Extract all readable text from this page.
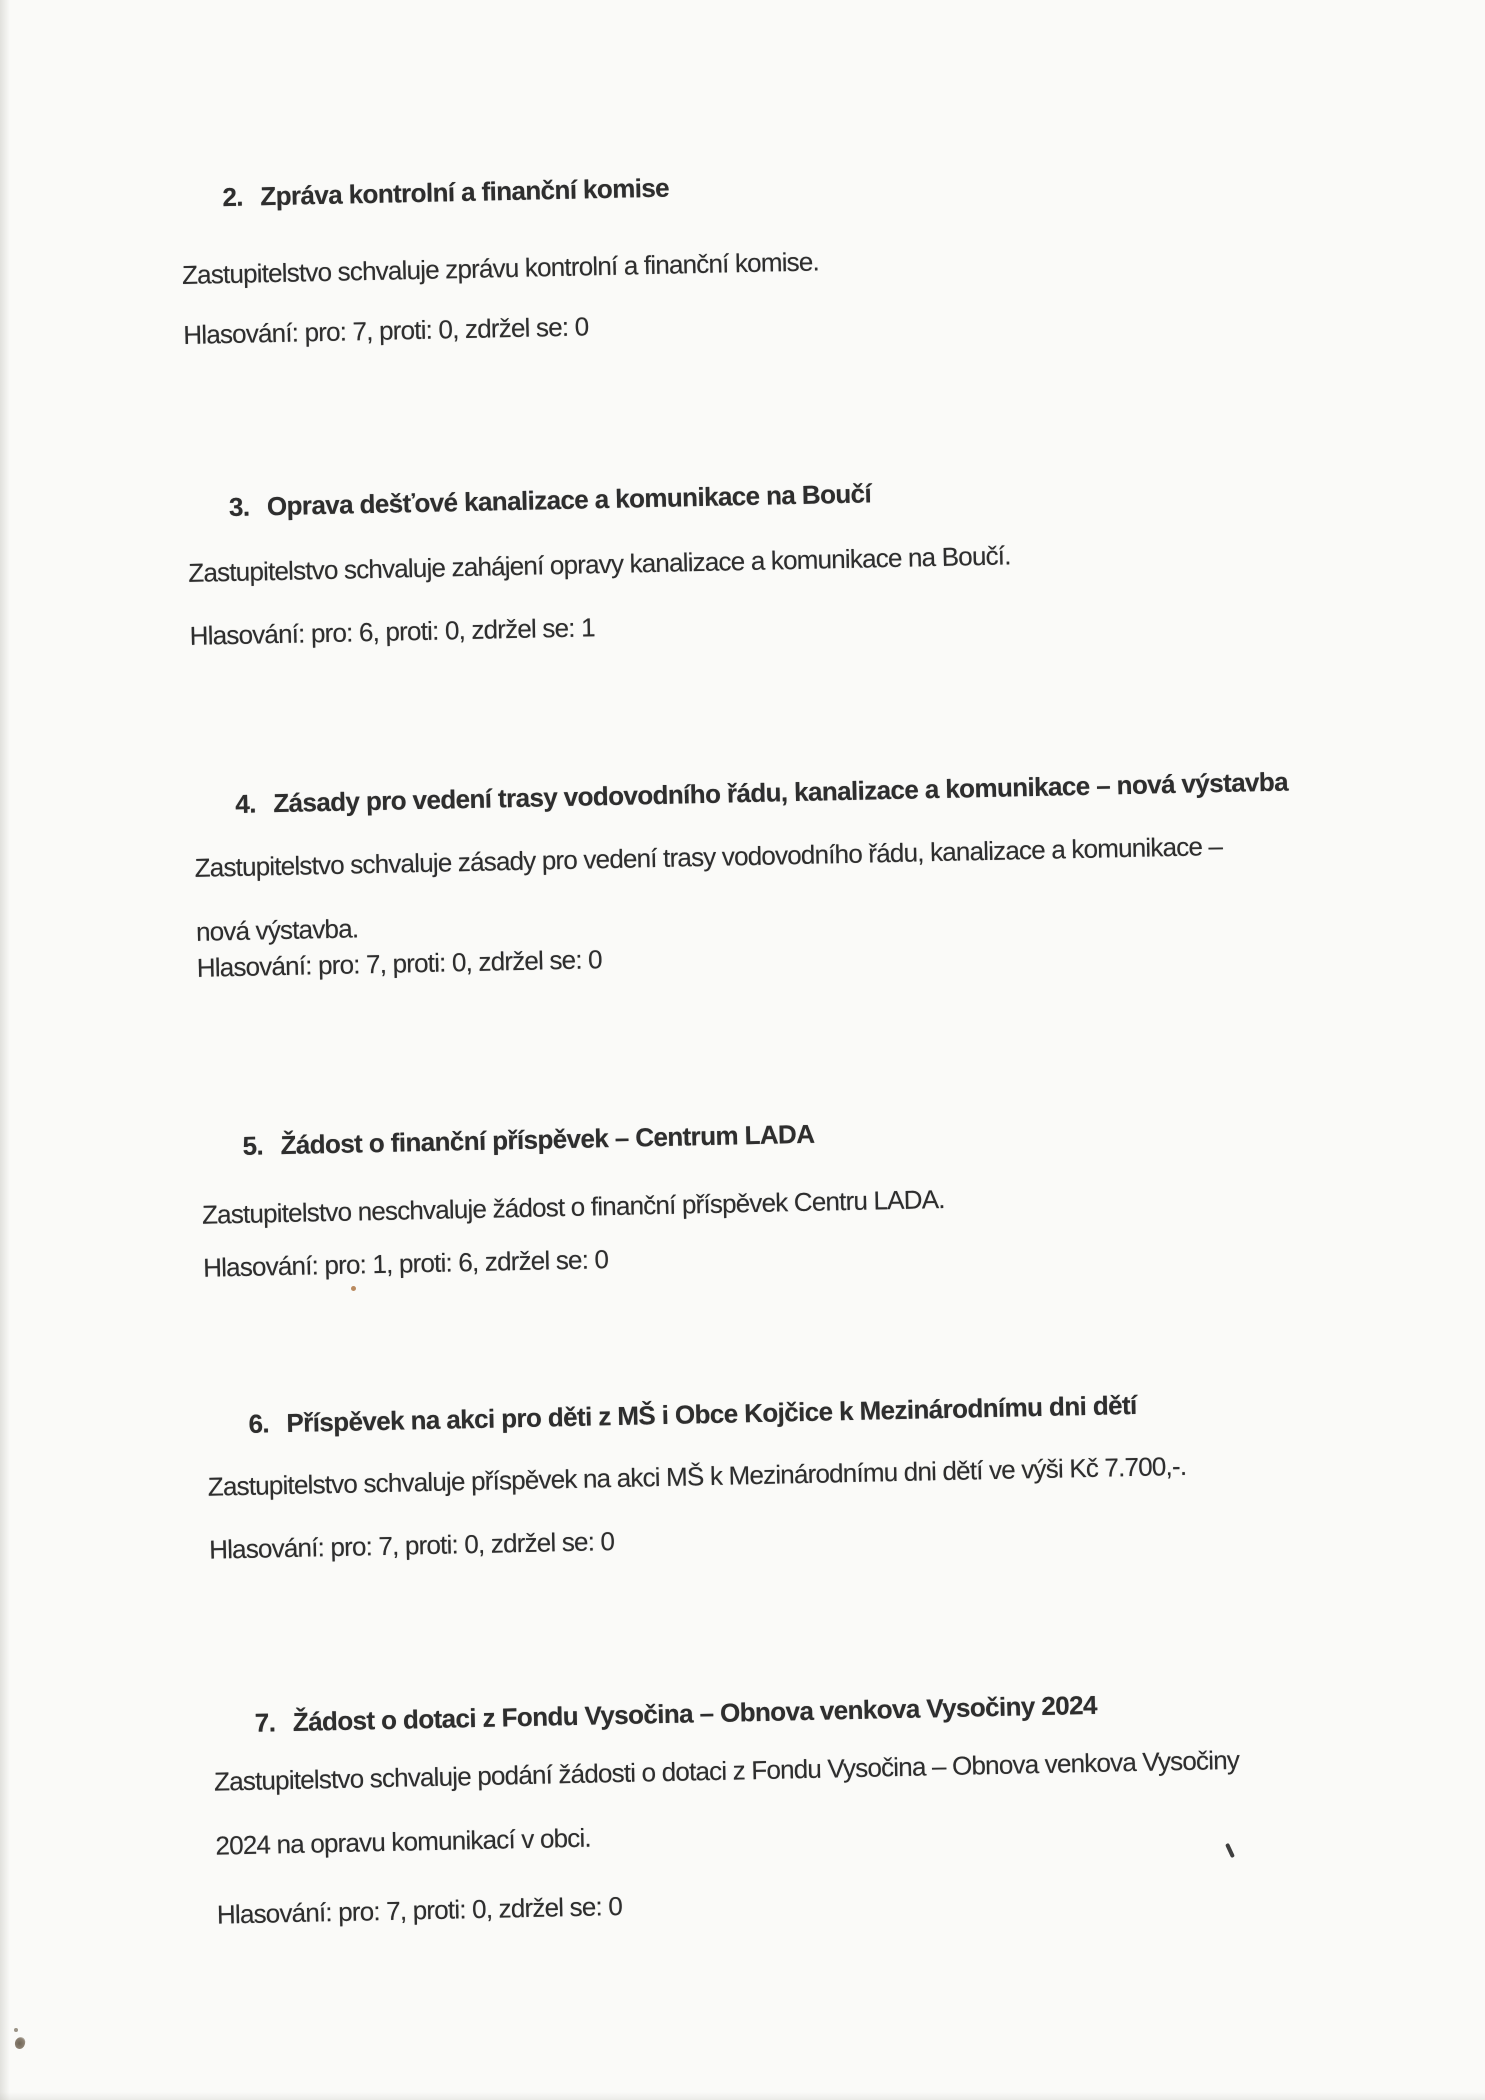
2. Zpráva kontrolní a finanční komise
Zastupitelstvo schvaluje zprávu kontrolní a finanční komise.
Hlasování: pro: 7, proti: 0, zdržel se: 0
3. Oprava dešťové kanalizace a komunikace na Boučí
Zastupitelstvo schvaluje zahájení opravy kanalizace a komunikace na Boučí.
Hlasování: pro: 6, proti: 0, zdržel se: 1
4. Zásady pro vedení trasy vodovodního řádu, kanalizace a komunikace – nová výstavba
Zastupitelstvo schvaluje zásady pro vedení trasy vodovodního řádu, kanalizace a komunikace –
nová výstavba.
Hlasování: pro: 7, proti: 0, zdržel se: 0
5. Žádost o finanční příspěvek – Centrum LADA
Zastupitelstvo neschvaluje žádost o finanční příspěvek Centru LADA.
Hlasování: pro: 1, proti: 6, zdržel se: 0
6. Příspěvek na akci pro děti z MŠ i Obce Kojčice k Mezinárodnímu dni dětí
Zastupitelstvo schvaluje příspěvek na akci MŠ k Mezinárodnímu dni dětí ve výši Kč 7.700,-.
Hlasování: pro: 7, proti: 0, zdržel se: 0
7. Žádost o dotaci z Fondu Vysočina – Obnova venkova Vysočiny 2024
Zastupitelstvo schvaluje podání žádosti o dotaci z Fondu Vysočina – Obnova venkova Vysočiny
2024 na opravu komunikací v obci.
Hlasování: pro: 7, proti: 0, zdržel se: 0
